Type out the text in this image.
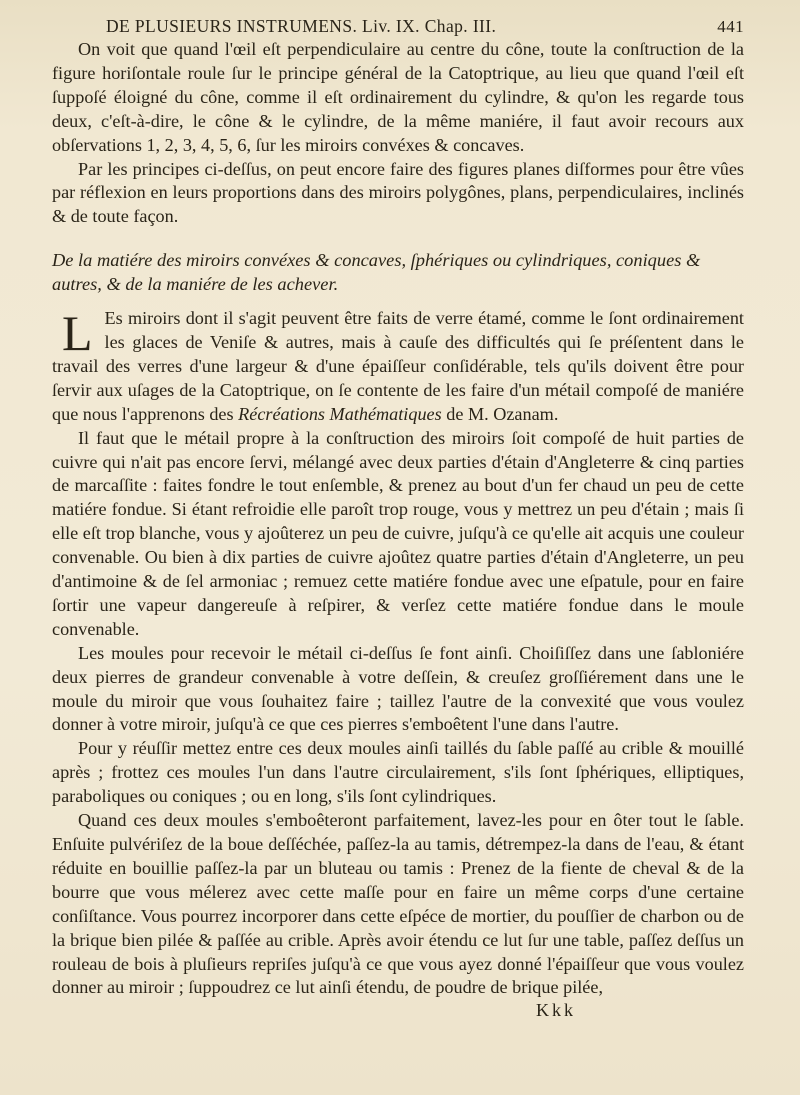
DE PLUSIEURS INSTRUMENS. Liv. IX. Chap. III.	441

On voit que quand l'œil eſt perpendiculaire au centre du cône, toute la conſtruction de la figure horiſontale roule ſur le principe général de la Catoptrique, au lieu que quand l'œil eſt ſuppoſé éloigné du cône, comme il eſt ordinairement du cylindre, & qu'on les regarde tous deux, c'eſt-à-dire, le cône & le cylindre, de la même maniére, il faut avoir recours aux obſervations 1, 2, 3, 4, 5, 6, ſur les miroirs convéxes & concaves.

Par les principes ci-deſſus, on peut encore faire des figures planes diſformes pour être vûes par réflexion en leurs proportions dans des miroirs polygônes, plans, perpendiculaires, inclinés & de toute façon.

De la matiére des miroirs convéxes & concaves, ſphériques ou cylindriques, coniques & autres, & de la maniére de les achever.

L Es miroirs dont il s'agit peuvent être faits de verre étamé, comme le ſont ordinairement les glaces de Veniſe & autres, mais à cauſe des difficultés qui ſe préſentent dans le travail des verres d'une largeur & d'une épaiſſeur conſidérable, tels qu'ils doivent être pour ſervir aux uſages de la Catoptrique, on ſe contente de les faire d'un métail compoſé de maniére que nous l'apprenons des Récréations Mathématiques de M. Ozanam.

Il faut que le métail propre à la conſtruction des miroirs ſoit compoſé de huit parties de cuivre qui n'ait pas encore ſervi, mélangé avec deux parties d'étain d'Angleterre & cinq parties de marcaſſite : faites fondre le tout enſemble, & prenez au bout d'un fer chaud un peu de cette matiére fondue. Si étant refroidie elle paroît trop rouge, vous y mettrez un peu d'étain ; mais ſi elle eſt trop blanche, vous y ajoûterez un peu de cuivre, juſqu'à ce qu'elle ait acquis une couleur convenable. Ou bien à dix parties de cuivre ajoûtez quatre parties d'étain d'Angleterre, un peu d'antimoine & de ſel armoniac ; remuez cette matiére fondue avec une eſpatule, pour en faire ſortir une vapeur dangereuſe à reſpirer, & verſez cette matiére fondue dans le moule convenable.

Les moules pour recevoir le métail ci-deſſus ſe font ainſi. Choiſiſſez dans une ſabloniére deux pierres de grandeur convenable à votre deſſein, & creuſez groſſiérement dans une le moule du miroir que vous ſouhaitez faire ; taillez l'autre de la convexité que vous voulez donner à votre miroir, juſqu'à ce que ces pierres s'emboêtent l'une dans l'autre.

Pour y réuſſir mettez entre ces deux moules ainſi taillés du ſable paſſé au crible & mouillé après ; frottez ces moules l'un dans l'autre circulairement, s'ils ſont ſphériques, elliptiques, paraboliques ou coniques ; ou en long, s'ils ſont cylindriques.

Quand ces deux moules s'emboêteront parfaitement, lavez-les pour en ôter tout le ſable. Enſuite pulvériſez de la boue deſſéchée, paſſez-la au tamis, détrempez-la dans de l'eau, & étant réduite en bouillie paſſez-la par un bluteau ou tamis : Prenez de la fiente de cheval & de la bourre que vous mélerez avec cette maſſe pour en faire un même corps d'une certaine conſiſtance. Vous pourrez incorporer dans cette eſpéce de mortier, du pouſſier de charbon ou de la brique bien pilée & paſſée au crible. Après avoir étendu ce lut ſur une table, paſſez deſſus un rouleau de bois à pluſieurs repriſes juſqu'à ce que vous ayez donné l'épaiſſeur que vous voulez donner au miroir ; ſuppoudrez ce lut ainſi étendu, de poudre de brique pilée,

Kkk
